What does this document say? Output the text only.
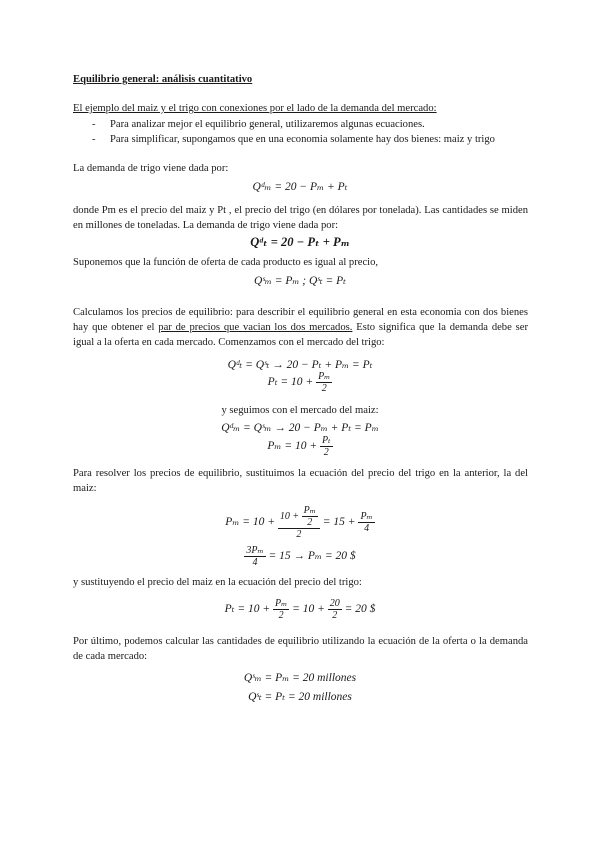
Equilibrio general: análisis cuantitativo
El ejemplo del maiz y el trigo con conexiones por el lado de la demanda del mercado:
- Para analizar mejor el equilibrio general, utilizaremos algunas ecuaciones.
- Para simplificar, supongamos que en una economia solamente hay dos bienes: maiz y trigo
La demanda de trigo viene dada por:
Qᵈₘ = 20 − Pₘ + Pₜ
donde Pm es el precio del maiz y Pt , el precio del trigo (en dólares por tonelada). Las cantidades se miden en millones de toneladas. La demanda de trigo viene dada por:
Qᵈₜ = 20 − Pₜ + Pₘ
Suponemos que la función de oferta de cada producto es igual al precio,
Qˢₘ = Pₘ ; Qˢₜ = Pₜ
Calculamos los precios de equilibrio: para describir el equilibrio general en esta economia con dos bienes hay que obtener el par de precios que vacian los dos mercados. Esto significa que la demanda debe ser igual a la oferta en cada mercado. Comenzamos con el mercado del trigo:
Qᵈₜ = Qˢₜ → 20 − Pₜ + Pₘ = Pₜ
$P_t = 10 + \frac{\text{Pₘ}}{2}$
y seguimos con el mercado del maiz:
Qᵈₘ = Qˢₘ → 20 − Pₘ + Pₜ = Pₘ
$P_m = 10 + \frac{\text{Pₜ}}{2}$
Para resolver los precios de equilibrio, sustituimos la ecuación del precio del trigo en la anterior, la del maiz:
$P_m = 10 + \frac{10 + \frac{\text{Pₘ}}{2}}{2} = 15 + \frac{\text{Pₘ}}{4}$
$\frac{\text{3Pₘ}}{4} = 15 \to P_m = 20$ $
y sustituyendo el precio del maiz en la ecuación del precio del trigo:
$P_t = 10 + \frac{\text{Pₘ}}{2} = 10 + \frac{20}{2} = 20$ $
Por último, podemos calcular las cantidades de equilibrio utilizando la ecuación de la oferta o la demanda de cada mercado:
Qˢₘ = Pₘ = 20 millones
Qˢₜ = Pₜ = 20 millones
